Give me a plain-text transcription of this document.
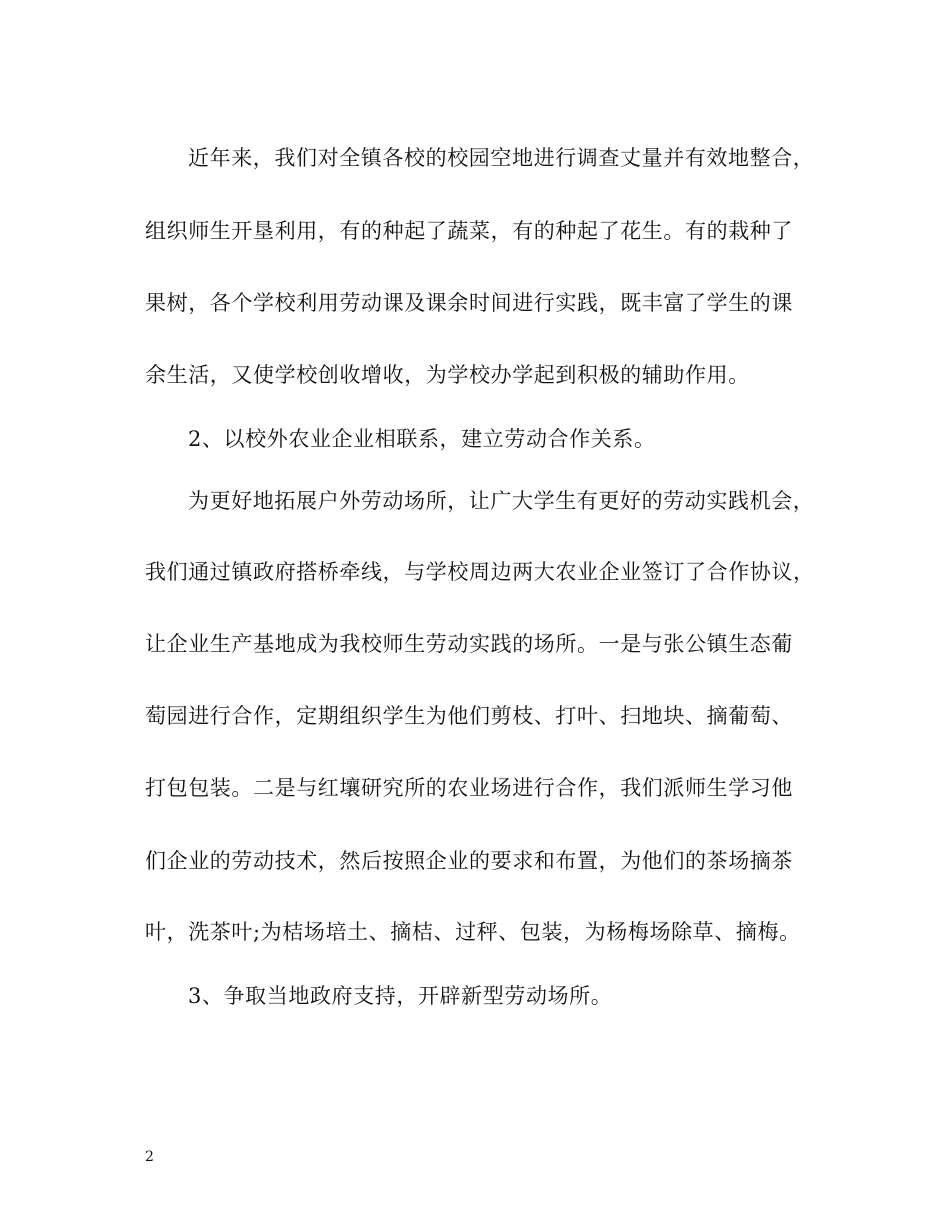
近年来，我们对全镇各校的校园空地进行调查丈量并有效地整合，
组织师生开垦利用，有的种起了蔬菜，有的种起了花生。有的栽种了
果树，各个学校利用劳动课及课余时间进行实践，既丰富了学生的课
余生活，又使学校创收增收，为学校办学起到积极的辅助作用。
2、以校外农业企业相联系，建立劳动合作关系。
为更好地拓展户外劳动场所，让广大学生有更好的劳动实践机会，
我们通过镇政府搭桥牵线，与学校周边两大农业企业签订了合作协议，
让企业生产基地成为我校师生劳动实践的场所。一是与张公镇生态葡
萄园进行合作，定期组织学生为他们剪枝、打叶、扫地块、摘葡萄、
打包包装。二是与红壤研究所的农业场进行合作，我们派师生学习他
们企业的劳动技术，然后按照企业的要求和布置，为他们的茶场摘茶
叶，洗茶叶;为桔场培土、摘桔、过秤、包装，为杨梅场除草、摘梅。
3、争取当地政府支持，开辟新型劳动场所。
2
